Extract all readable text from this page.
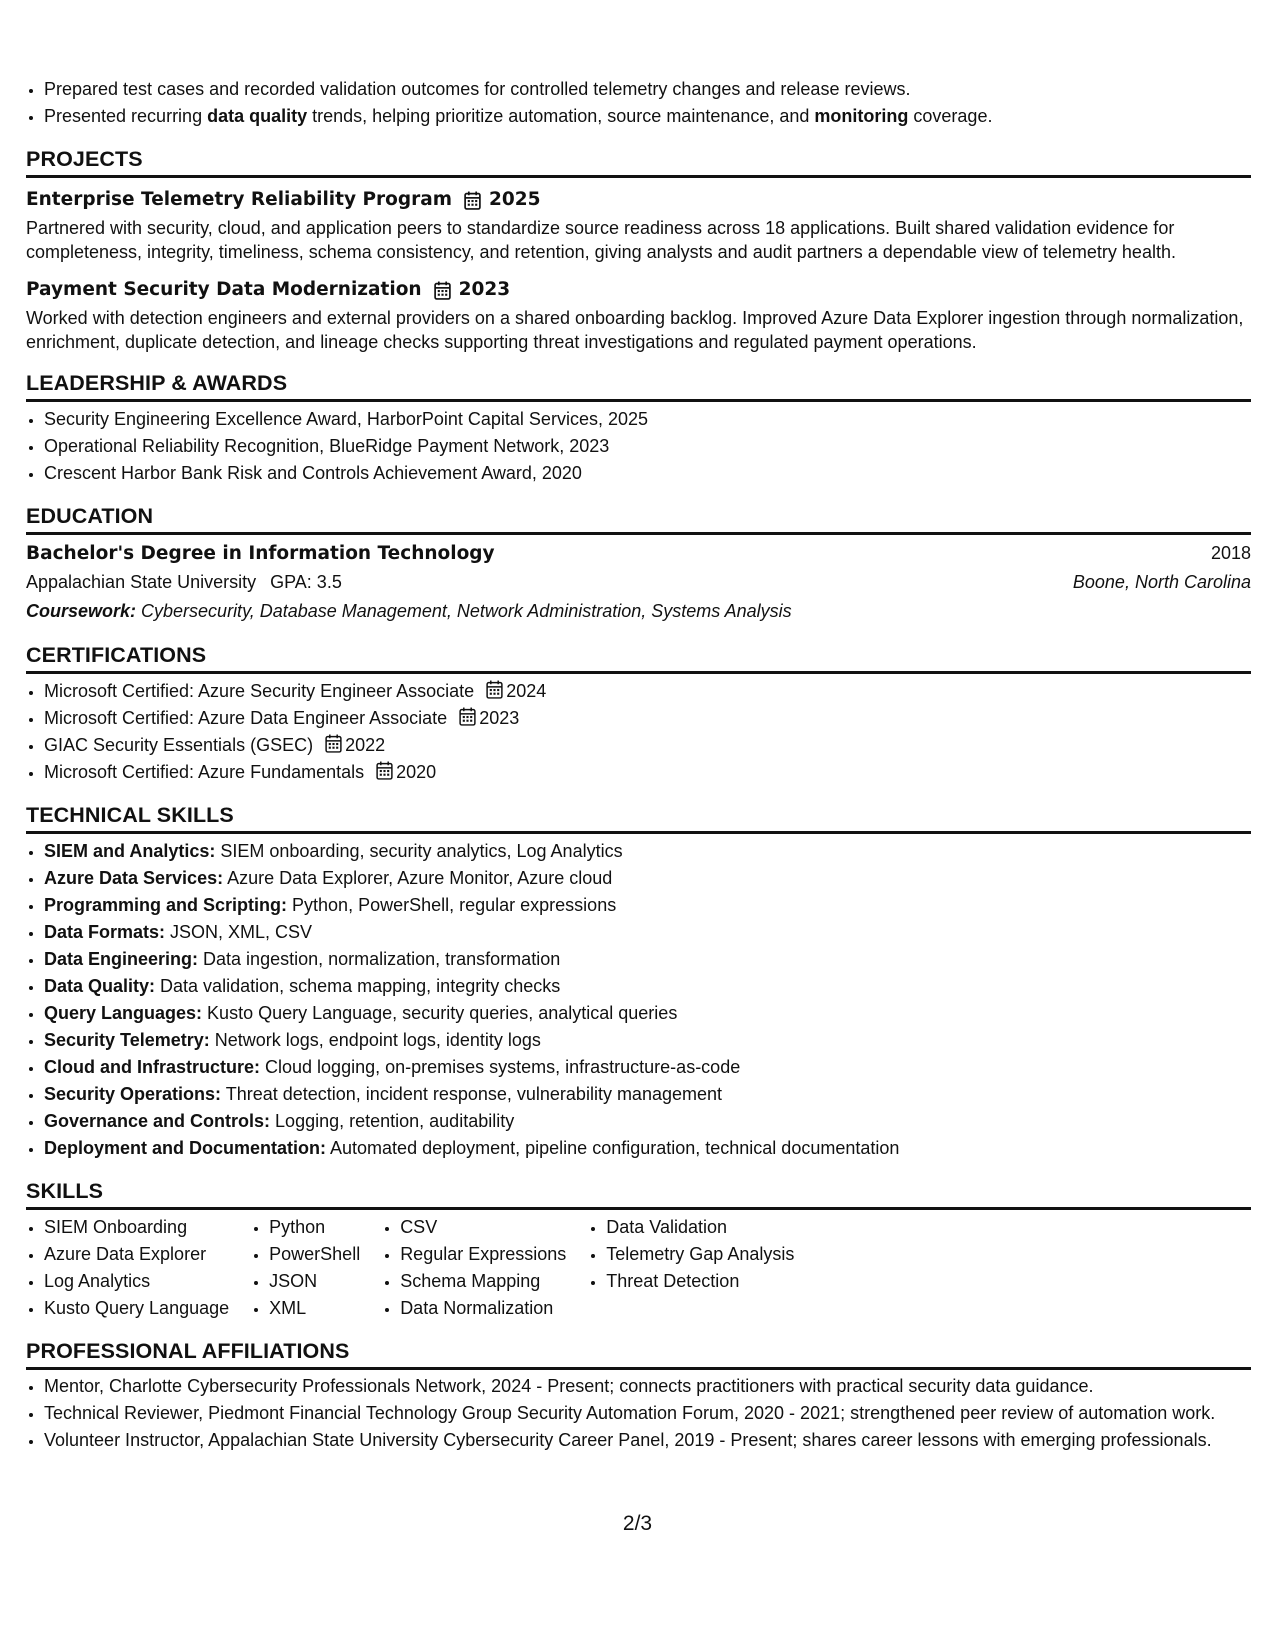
• Prepared test cases and recorded validation outcomes for controlled telemetry changes and release reviews.
• Presented recurring data quality trends, helping prioritize automation, source maintenance, and monitoring coverage.
PROJECTS
Enterprise Telemetry Reliability Program 2025
Partnered with security, cloud, and application peers to standardize source readiness across 18 applications. Built shared validation evidence for completeness, integrity, timeliness, schema consistency, and retention, giving analysts and audit partners a dependable view of telemetry health.
Payment Security Data Modernization 2023
Worked with detection engineers and external providers on a shared onboarding backlog. Improved Azure Data Explorer ingestion through normalization, enrichment, duplicate detection, and lineage checks supporting threat investigations and regulated payment operations.
LEADERSHIP & AWARDS
• Security Engineering Excellence Award, HarborPoint Capital Services, 2025
• Operational Reliability Recognition, BlueRidge Payment Network, 2023
• Crescent Harbor Bank Risk and Controls Achievement Award, 2020
EDUCATION
Bachelor's Degree in Information Technology	2018
Appalachian State University GPA: 3.5	Boone, North Carolina
Coursework: Cybersecurity, Database Management, Network Administration, Systems Analysis
CERTIFICATIONS
• Microsoft Certified: Azure Security Engineer Associate 2024
• Microsoft Certified: Azure Data Engineer Associate 2023
• GIAC Security Essentials (GSEC) 2022
• Microsoft Certified: Azure Fundamentals 2020
TECHNICAL SKILLS
• SIEM and Analytics: SIEM onboarding, security analytics, Log Analytics
• Azure Data Services: Azure Data Explorer, Azure Monitor, Azure cloud
• Programming and Scripting: Python, PowerShell, regular expressions
• Data Formats: JSON, XML, CSV
• Data Engineering: Data ingestion, normalization, transformation
• Data Quality: Data validation, schema mapping, integrity checks
• Query Languages: Kusto Query Language, security queries, analytical queries
• Security Telemetry: Network logs, endpoint logs, identity logs
• Cloud and Infrastructure: Cloud logging, on-premises systems, infrastructure-as-code
• Security Operations: Threat detection, incident response, vulnerability management
• Governance and Controls: Logging, retention, auditability
• Deployment and Documentation: Automated deployment, pipeline configuration, technical documentation
SKILLS
• SIEM Onboarding
• Azure Data Explorer
• Log Analytics
• Kusto Query Language
• Python
• PowerShell
• JSON
• XML
• CSV
• Regular Expressions
• Schema Mapping
• Data Normalization
• Data Validation
• Telemetry Gap Analysis
• Threat Detection
PROFESSIONAL AFFILIATIONS
• Mentor, Charlotte Cybersecurity Professionals Network, 2024 - Present; connects practitioners with practical security data guidance.
• Technical Reviewer, Piedmont Financial Technology Group Security Automation Forum, 2020 - 2021; strengthened peer review of automation work.
• Volunteer Instructor, Appalachian State University Cybersecurity Career Panel, 2019 - Present; shares career lessons with emerging professionals.
2/3
